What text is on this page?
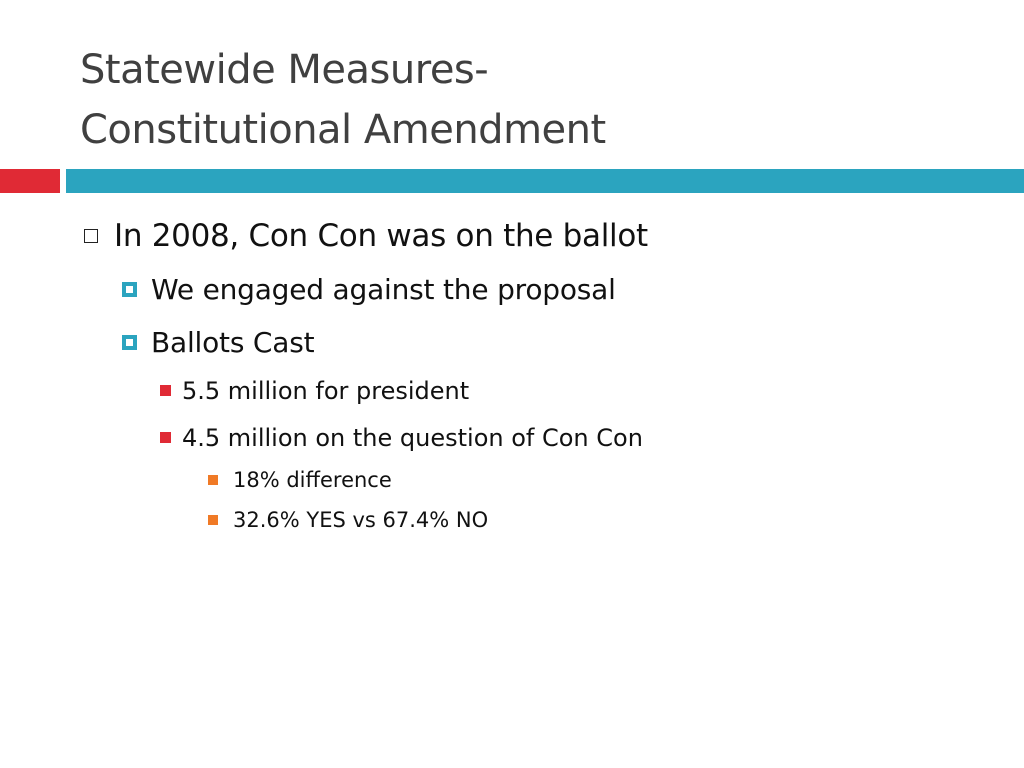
Statewide Measures-
Constitutional Amendment
In 2008, Con Con was on the ballot
We engaged against the proposal
Ballots Cast
5.5 million for president
4.5 million on the question of Con Con
18% difference
32.6% YES vs 67.4% NO
